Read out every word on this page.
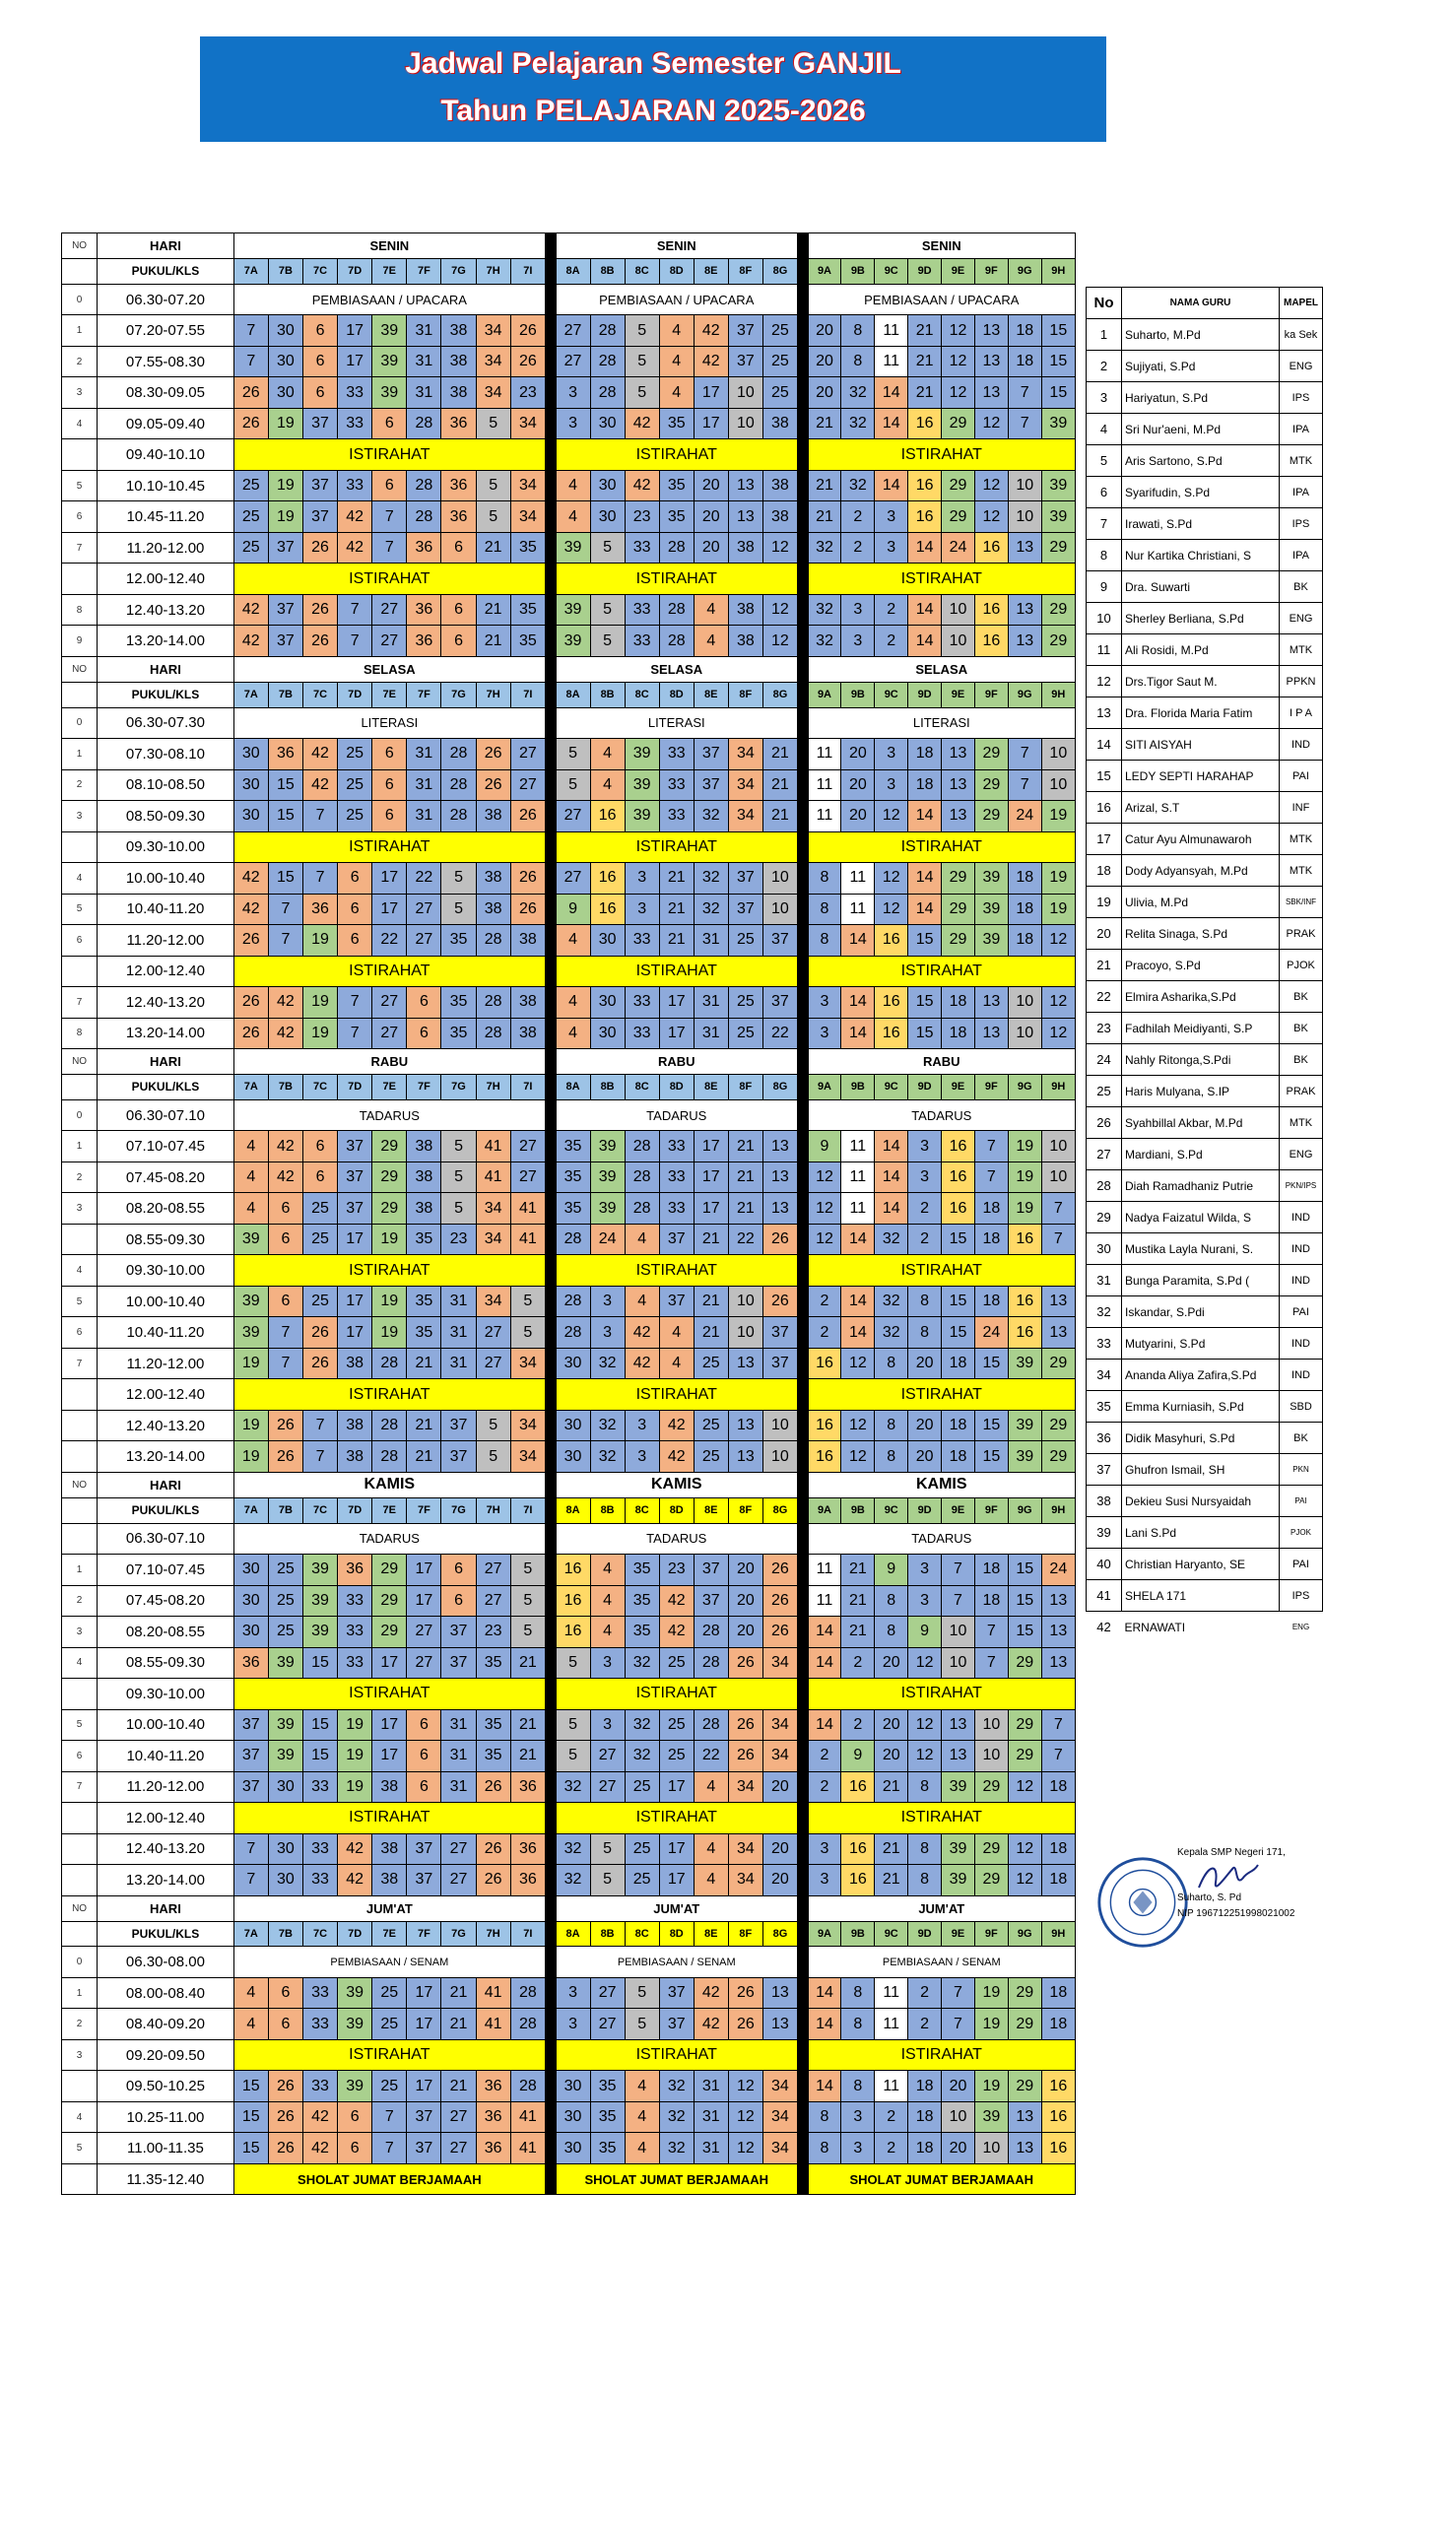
Jadwal Pelajaran Semester GANJIL
Tahun PELAJARAN 2025-2026
NO	HARI	SENIN										SENIN								SENIN							
	PUKUL/KLS	7A	7B	7C	7D	7E	7F	7G	7H	7I		8A	8B	8C	8D	8E	8F	8G		9A	9B	9C	9D	9E	9F	9G	9H
0	06.30-07.20	PEMBIASAAN / UPACARA										PEMBIASAAN / UPACARA								PEMBIASAAN / UPACARA							
1	07.20-07.55	7	30	6	17	39	31	38	34	26		27	28	5	4	42	37	25		20	8	11	21	12	13	18	15
2	07.55-08.30	7	30	6	17	39	31	38	34	26		27	28	5	4	42	37	25		20	8	11	21	12	13	18	15
3	08.30-09.05	26	30	6	33	39	31	38	34	23		3	28	5	4	17	10	25		20	32	14	21	12	13	7	15
4	09.05-09.40	26	19	37	33	6	28	36	5	34		3	30	42	35	17	10	38		21	32	14	16	29	12	7	39
	09.40-10.10	ISTIRAHAT										ISTIRAHAT								ISTIRAHAT							
5	10.10-10.45	25	19	37	33	6	28	36	5	34		4	30	42	35	20	13	38		21	32	14	16	29	12	10	39
6	10.45-11.20	25	19	37	42	7	28	36	5	34		4	30	23	35	20	13	38		21	2	3	16	29	12	10	39
7	11.20-12.00	25	37	26	42	7	36	6	21	35		39	5	33	28	20	38	12		32	2	3	14	24	16	13	29
	12.00-12.40	ISTIRAHAT										ISTIRAHAT								ISTIRAHAT							
8	12.40-13.20	42	37	26	7	27	36	6	21	35		39	5	33	28	4	38	12		32	3	2	14	10	16	13	29
9	13.20-14.00	42	37	26	7	27	36	6	21	35		39	5	33	28	4	38	12		32	3	2	14	10	16	13	29
NO	HARI	SELASA										SELASA								SELASA							
	PUKUL/KLS	7A	7B	7C	7D	7E	7F	7G	7H	7I		8A	8B	8C	8D	8E	8F	8G		9A	9B	9C	9D	9E	9F	9G	9H
0	06.30-07.30	LITERASI										LITERASI								LITERASI							
1	07.30-08.10	30	36	42	25	6	31	28	26	27		5	4	39	33	37	34	21		11	20	3	18	13	29	7	10
2	08.10-08.50	30	15	42	25	6	31	28	26	27		5	4	39	33	37	34	21		11	20	3	18	13	29	7	10
3	08.50-09.30	30	15	7	25	6	31	28	38	26		27	16	39	33	32	34	21		11	20	12	14	13	29	24	19
	09.30-10.00	ISTIRAHAT										ISTIRAHAT								ISTIRAHAT							
4	10.00-10.40	42	15	7	6	17	22	5	38	26		27	16	3	21	32	37	10		8	11	12	14	29	39	18	19
5	10.40-11.20	42	7	36	6	17	27	5	38	26		9	16	3	21	32	37	10		8	11	12	14	29	39	18	19
6	11.20-12.00	26	7	19	6	22	27	35	28	38		4	30	33	21	31	25	37		8	14	16	15	29	39	18	12
	12.00-12.40	ISTIRAHAT										ISTIRAHAT								ISTIRAHAT							
7	12.40-13.20	26	42	19	7	27	6	35	28	38		4	30	33	17	31	25	37		3	14	16	15	18	13	10	12
8	13.20-14.00	26	42	19	7	27	6	35	28	38		4	30	33	17	31	25	22		3	14	16	15	18	13	10	12
NO	HARI	RABU										RABU								RABU							
	PUKUL/KLS	7A	7B	7C	7D	7E	7F	7G	7H	7I		8A	8B	8C	8D	8E	8F	8G		9A	9B	9C	9D	9E	9F	9G	9H
0	06.30-07.10	TADARUS										TADARUS								TADARUS							
1	07.10-07.45	4	42	6	37	29	38	5	41	27		35	39	28	33	17	21	13		9	11	14	3	16	7	19	10
2	07.45-08.20	4	42	6	37	29	38	5	41	27		35	39	28	33	17	21	13		12	11	14	3	16	7	19	10
3	08.20-08.55	4	6	25	37	29	38	5	34	41		35	39	28	33	17	21	13		12	11	14	2	16	18	19	7
	08.55-09.30	39	6	25	17	19	35	23	34	41		28	24	4	37	21	22	26		12	14	32	2	15	18	16	7
4	09.30-10.00	ISTIRAHAT										ISTIRAHAT								ISTIRAHAT							
5	10.00-10.40	39	6	25	17	19	35	31	34	5		28	3	4	37	21	10	26		2	14	32	8	15	18	16	13
6	10.40-11.20	39	7	26	17	19	35	31	27	5		28	3	42	4	21	10	37		2	14	32	8	15	24	16	13
7	11.20-12.00	19	7	26	38	28	21	31	27	34		30	32	42	4	25	13	37		16	12	8	20	18	15	39	29
	12.00-12.40	ISTIRAHAT										ISTIRAHAT								ISTIRAHAT							
	12.40-13.20	19	26	7	38	28	21	37	5	34		30	32	3	42	25	13	10		16	12	8	20	18	15	39	29
	13.20-14.00	19	26	7	38	28	21	37	5	34		30	32	3	42	25	13	10		16	12	8	20	18	15	39	29
NO	HARI	KAMIS										KAMIS								KAMIS							
	PUKUL/KLS	7A	7B	7C	7D	7E	7F	7G	7H	7I		8A	8B	8C	8D	8E	8F	8G		9A	9B	9C	9D	9E	9F	9G	9H
	06.30-07.10	TADARUS										TADARUS								TADARUS							
1	07.10-07.45	30	25	39	36	29	17	6	27	5		16	4	35	23	37	20	26		11	21	9	3	7	18	15	24
2	07.45-08.20	30	25	39	33	29	17	6	27	5		16	4	35	42	37	20	26		11	21	8	3	7	18	15	13
3	08.20-08.55	30	25	39	33	29	27	37	23	5		16	4	35	42	28	20	26		14	21	8	9	10	7	15	13
4	08.55-09.30	36	39	15	33	17	27	37	35	21		5	3	32	25	28	26	34		14	2	20	12	10	7	29	13
	09.30-10.00	ISTIRAHAT										ISTIRAHAT								ISTIRAHAT							
5	10.00-10.40	37	39	15	19	17	6	31	35	21		5	3	32	25	28	26	34		14	2	20	12	13	10	29	7
6	10.40-11.20	37	39	15	19	17	6	31	35	21		5	27	32	25	22	26	34		2	9	20	12	13	10	29	7
7	11.20-12.00	37	30	33	19	38	6	31	26	36		32	27	25	17	4	34	20		2	16	21	8	39	29	12	18
	12.00-12.40	ISTIRAHAT										ISTIRAHAT								ISTIRAHAT							
	12.40-13.20	7	30	33	42	38	37	27	26	36		32	5	25	17	4	34	20		3	16	21	8	39	29	12	18
	13.20-14.00	7	30	33	42	38	37	27	26	36		32	5	25	17	4	34	20		3	16	21	8	39	29	12	18
NO	HARI	JUM'AT										JUM'AT								JUM'AT							
	PUKUL/KLS	7A	7B	7C	7D	7E	7F	7G	7H	7I		8A	8B	8C	8D	8E	8F	8G		9A	9B	9C	9D	9E	9F	9G	9H
0	06.30-08.00	PEMBIASAAN / SENAM										PEMBIASAAN / SENAM								PEMBIASAAN / SENAM							
1	08.00-08.40	4	6	33	39	25	17	21	41	28		3	27	5	37	42	26	13		14	8	11	2	7	19	29	18
2	08.40-09.20	4	6	33	39	25	17	21	41	28		3	27	5	37	42	26	13		14	8	11	2	7	19	29	18
3	09.20-09.50	ISTIRAHAT										ISTIRAHAT								ISTIRAHAT							
	09.50-10.25	15	26	33	39	25	17	21	36	28		30	35	4	32	31	12	34		14	8	11	18	20	19	29	16
4	10.25-11.00	15	26	42	6	7	37	27	36	41		30	35	4	32	31	12	34		8	3	2	18	10	39	13	16
5	11.00-11.35	15	26	42	6	7	37	27	36	41		30	35	4	32	31	12	34		8	3	2	18	20	10	13	16
	11.35-12.40	SHOLAT JUMAT BERJAMAAH										SHOLAT JUMAT BERJAMAAH								SHOLAT JUMAT BERJAMAAH							
No	NAMA GURU	MAPEL
1	Suharto, M.Pd	ka Sek
2	Sujiyati, S.Pd	ENG
3	Hariyatun, S.Pd	IPS
4	Sri Nur'aeni, M.Pd	IPA
5	Aris Sartono, S.Pd	MTK
6	Syarifudin, S.Pd	IPA
7	Irawati, S.Pd	IPS
8	Nur Kartika Christiani, S	IPA
9	Dra. Suwarti	BK
10	Sherley Berliana, S.Pd	ENG
11	Ali Rosidi, M.Pd	MTK
12	Drs.Tigor Saut M.	PPKN
13	Dra. Florida Maria Fatim	I P A
14	SITI AISYAH	IND
15	LEDY SEPTI HARAHAP	PAI
16	Arizal, S.T	INF
17	Catur Ayu Almunawaroh	MTK
18	Dody Adyansyah, M.Pd	MTK
19	Ulivia, M.Pd	SBK/INF
20	Relita Sinaga, S.Pd	PRAK
21	Pracoyo, S.Pd	PJOK
22	Elmira Asharika,S.Pd	BK
23	Fadhilah Meidiyanti, S.P	BK
24	Nahly Ritonga,S.Pdi	BK
25	Haris Mulyana, S.IP	PRAK
26	Syahbillal Akbar, M.Pd	MTK
27	Mardiani, S.Pd	ENG
28	Diah Ramadhaniz Putrie	PKN/IPS
29	Nadya Faizatul Wilda, S	IND
30	Mustika Layla Nurani, S.	IND
31	Bunga Paramita, S.Pd (	IND
32	Iskandar, S.Pdi	PAI
33	Mutyarini, S.Pd	IND
34	Ananda Aliya Zafira,S.Pd	IND
35	Emma Kurniasih, S.Pd	SBD
36	Didik Masyhuri, S.Pd	BK
37	Ghufron Ismail, SH	PKN
38	Dekieu Susi Nursyaidah	PAI
39	Lani S.Pd	PJOK
40	Christian Haryanto, SE	PAI
41	SHELA 171	IPS
42	ERNAWATI	ENG
Kepala SMP Negeri 171,
Suharto, S. Pd
NIP 196712251998021002
